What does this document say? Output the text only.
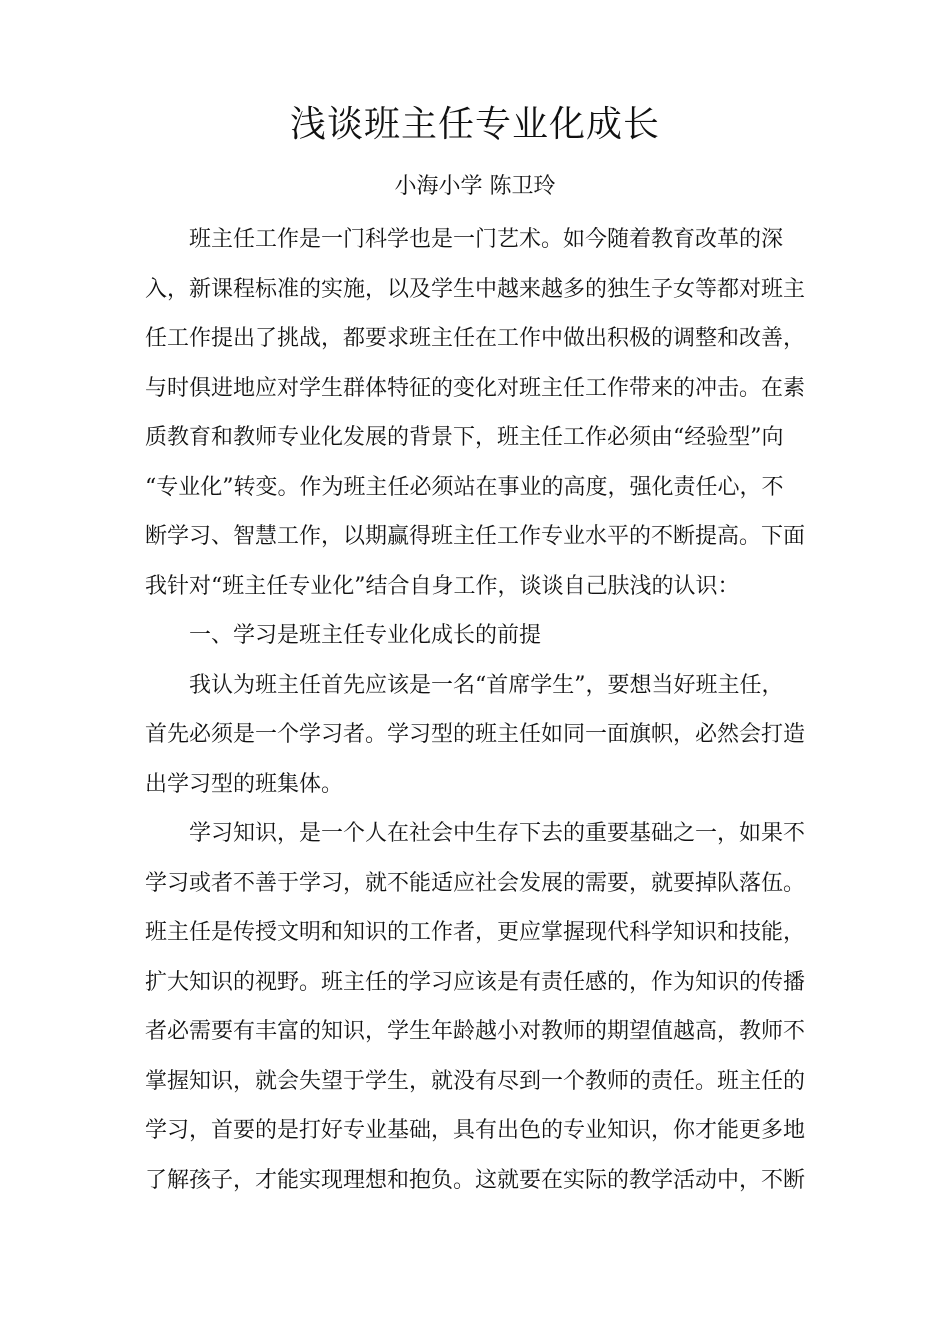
浅谈班主任专业化成长
小海小学 陈卫玲

班主任工作是一门科学也是一门艺术。如今随着教育改革的深
入，新课程标准的实施，以及学生中越来越多的独生子女等都对班主
任工作提出了挑战，都要求班主任在工作中做出积极的调整和改善，
与时俱进地应对学生群体特征的变化对班主任工作带来的冲击。在素
质教育和教师专业化发展的背景下，班主任工作必须由“经验型”向
“专业化”转变。作为班主任必须站在事业的高度，强化责任心，不
断学习、智慧工作，以期赢得班主任工作专业水平的不断提高。下面
我针对“班主任专业化”结合自身工作，谈谈自己肤浅的认识：

一、学习是班主任专业化成长的前提

我认为班主任首先应该是一名“首席学生”，要想当好班主任，
首先必须是一个学习者。学习型的班主任如同一面旗帜，必然会打造
出学习型的班集体。

学习知识，是一个人在社会中生存下去的重要基础之一，如果不
学习或者不善于学习，就不能适应社会发展的需要，就要掉队落伍。
班主任是传授文明和知识的工作者，更应掌握现代科学知识和技能，
扩大知识的视野。班主任的学习应该是有责任感的，作为知识的传播
者必需要有丰富的知识，学生年龄越小对教师的期望值越高，教师不
掌握知识，就会失望于学生，就没有尽到一个教师的责任。班主任的
学习，首要的是打好专业基础，具有出色的专业知识，你才能更多地
了解孩子，才能实现理想和抱负。这就要在实际的教学活动中，不断
